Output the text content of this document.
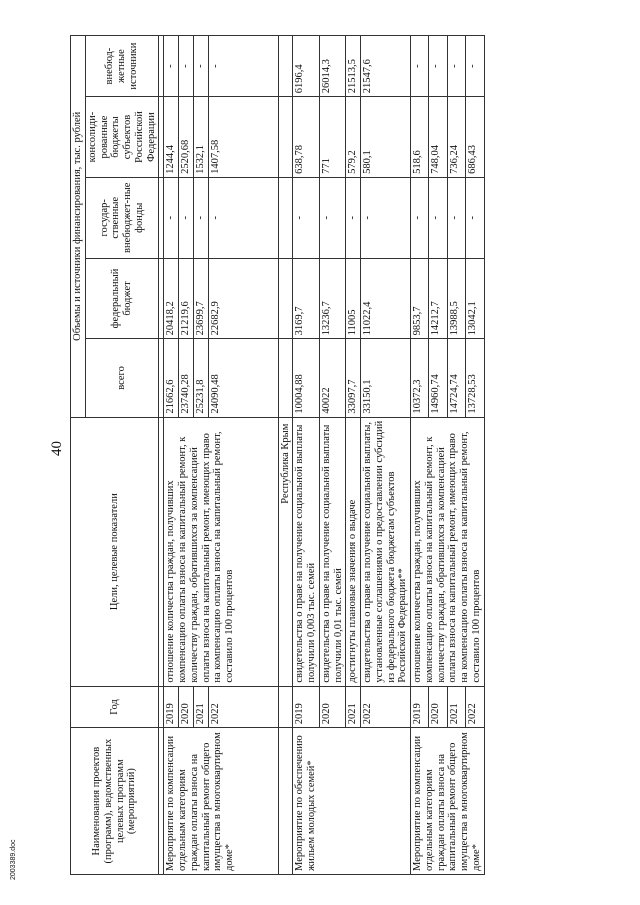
40
2003389.doc
Наименования проектов (программ), ведомственных целевых программ (мероприятий)	Год	Цели, целевые показатели	Объемы и источники финансирования, тыс. рублей				
			всего	федеральный бюджет	государ-ственные внебюджет-ные фонды	консолиди-рованные бюджеты субъектов Российской Федерации	внебюд-жетные источники

Мероприятие по компенсации отдельным категориям граждан оплаты взноса на капитальный ремонт общего имущества в многоквартирном доме*	2019	отношение количества граждан, получивших компенсацию оплаты взноса на капитальный ремонт, к количеству граждан, обратившихся за компенсацией оплаты взноса на капитальный ремонт, имеющих право на компенсацию оплаты взноса на капитальный ремонт, составило 100 процентов	21662,6	20418,2	-	1244,4	-
	2020		23740,28	21219,6	-	2520,68	-
	2021		25231,8	23699,7	-	1532,1	-
	2022		24090,48	22682,9	-	1407,58	-
		Республика Крым					
Мероприятие по обеспечению жильем молодых семей*	2019	свидетельства о праве на получение социальной выплаты получили 0,003 тыс. семей	10004,88	3169,7	-	638,78	6196,4
	2020	свидетельства о праве на получение социальной выплаты получили 0,01 тыс. семей	40022	13236,7	-	771	26014,3
	2021	достигнуты плановые значения о выдаче	33097,7	11005	-	579,2	21513,5
	2022	свидетельства о праве на получение социальной выплаты, установленные соглашениями о предоставлении субсидий из федерального бюджета бюджетам субъектов Российской Федерации**	33150,1	11022,4	-	580,1	21547,6
Мероприятие по компенсации отдельным категориям граждан оплаты взноса на капитальный ремонт общего имущества в многоквартирном доме*	2019	отношение количества граждан, получивших компенсацию оплаты взноса на капитальный ремонт, к количеству граждан, обратившихся за компенсацией оплаты взноса на капитальный ремонт, имеющих право на компенсацию оплаты взноса на капитальный ремонт, составило 100 процентов	10372,3	9853,7	-	518,6	-
	2020		14960,74	14212,7	-	748,04	-
	2021		14724,74	13988,5	-	736,24	-
	2022		13728,53	13042,1	-	686,43	-
